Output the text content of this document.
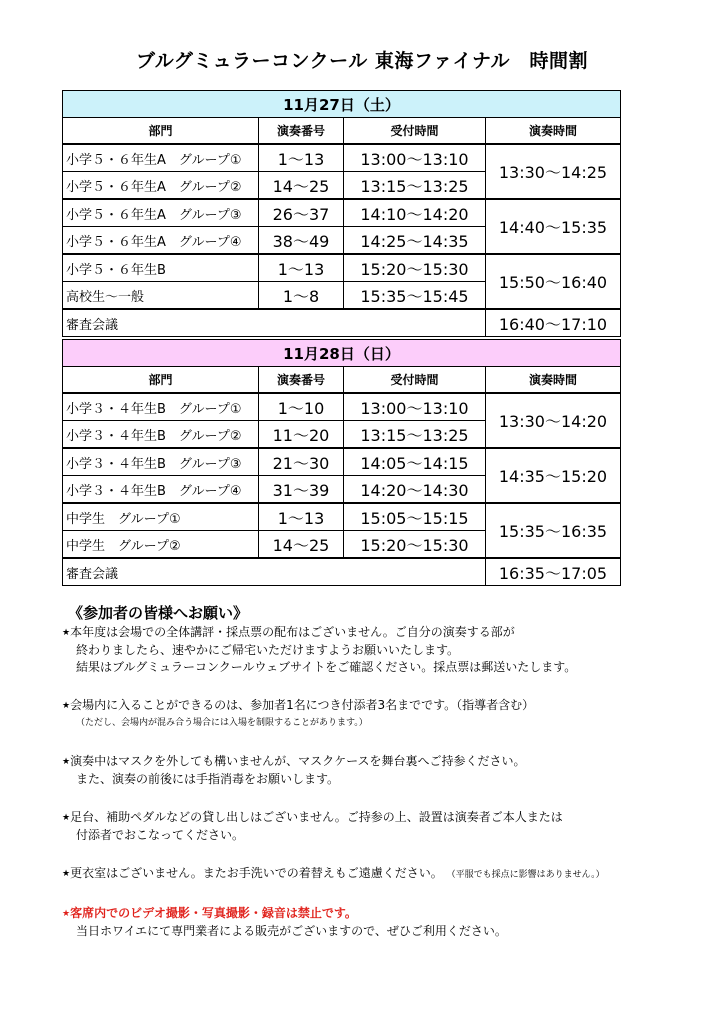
ブルグミュラーコンクール 東海ファイナル　時間割
11月27日（土）			
部門	演奏番号	受付時間	演奏時間
小学５・６年生A　グループ①	1～13	13:00～13:10	13:30～14:25
小学５・６年生A　グループ②	14～25	13:15～13:25	
小学５・６年生A　グループ③	26～37	14:10～14:20	14:40～15:35
小学５・６年生A　グループ④	38～49	14:25～14:35	
小学５・６年生B	1～13	15:20～15:30	15:50～16:40
高校生～一般	1～8	15:35～15:45	
審査会議			16:40～17:10
11月28日（日）			
部門	演奏番号	受付時間	演奏時間
小学３・４年生B　グループ①	1～10	13:00～13:10	13:30～14:20
小学３・４年生B　グループ②	11～20	13:15～13:25	
小学３・４年生B　グループ③	21～30	14:05～14:15	14:35～15:20
小学３・４年生B　グループ④	31～39	14:20～14:30	
中学生　グループ①	1～13	15:05～15:15	15:35～16:35
中学生　グループ②	14～25	15:20～15:30	
審査会議			16:35～17:05
《参加者の皆様へお願い》
★本年度は会場での全体講評・採点票の配布はございません。ご自分の演奏する部が
終わりましたら、速やかにご帰宅いただけますようお願いいたします。
結果はブルグミュラーコンクールウェブサイトをご確認ください。採点票は郵送いたします。
★会場内に入ることができるのは、参加者1名につき付添者3名までです。（指導者含む）
（ただし、会場内が混み合う場合には入場を制限することがあります。）
★演奏中はマスクを外しても構いませんが、マスクケースを舞台裏へご持参ください。
また、演奏の前後には手指消毒をお願いします。
★足台、補助ペダルなどの貸し出しはございません。ご持参の上、設置は演奏者ご本人または
付添者でおこなってください。
★更衣室はございません。またお手洗いでの着替えもご遠慮ください。 （平服でも採点に影響はありません。）
★客席内でのビデオ撮影・写真撮影・録音は禁止です。
当日ホワイエにて専門業者による販売がございますので、ぜひご利用ください。
